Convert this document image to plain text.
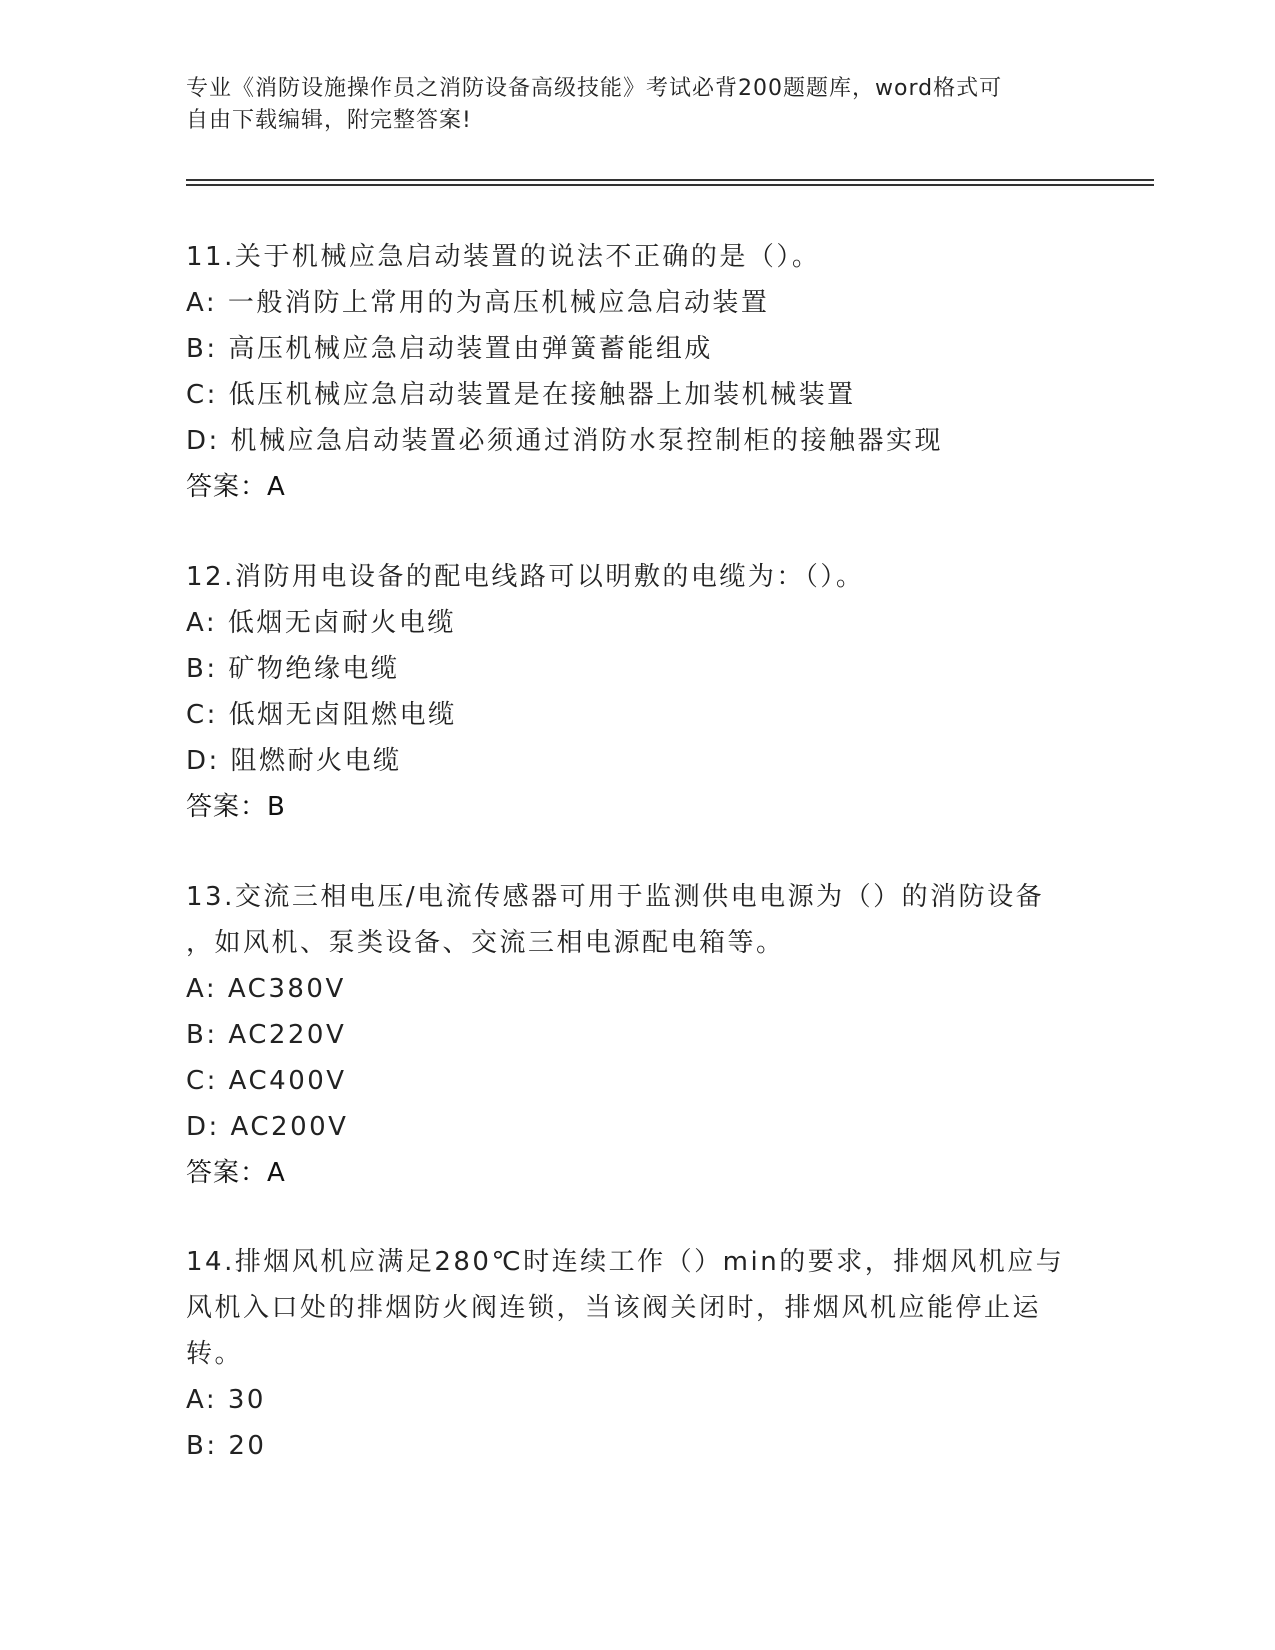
专业《消防设施操作员之消防设备高级技能》考试必背200题题库，word格式可
自由下载编辑，附完整答案!
11.关于机械应急启动装置的说法不正确的是（）。
A: 一般消防上常用的为高压机械应急启动装置
B: 高压机械应急启动装置由弹簧蓄能组成
C: 低压机械应急启动装置是在接触器上加装机械装置
D: 机械应急启动装置必须通过消防水泵控制柜的接触器实现
答案：A
12.消防用电设备的配电线路可以明敷的电缆为：（）。
A: 低烟无卤耐火电缆
B: 矿物绝缘电缆
C: 低烟无卤阻燃电缆
D: 阻燃耐火电缆
答案：B
13.交流三相电压/电流传感器可用于监测供电电源为（）的消防设备
，如风机、泵类设备、交流三相电源配电箱等。
A: AC380V
B: AC220V
C: AC400V
D: AC200V
答案：A
14.排烟风机应满足280℃时连续工作（）min的要求，排烟风机应与
风机入口处的排烟防火阀连锁，当该阀关闭时，排烟风机应能停止运
转。
A: 30
B: 20
